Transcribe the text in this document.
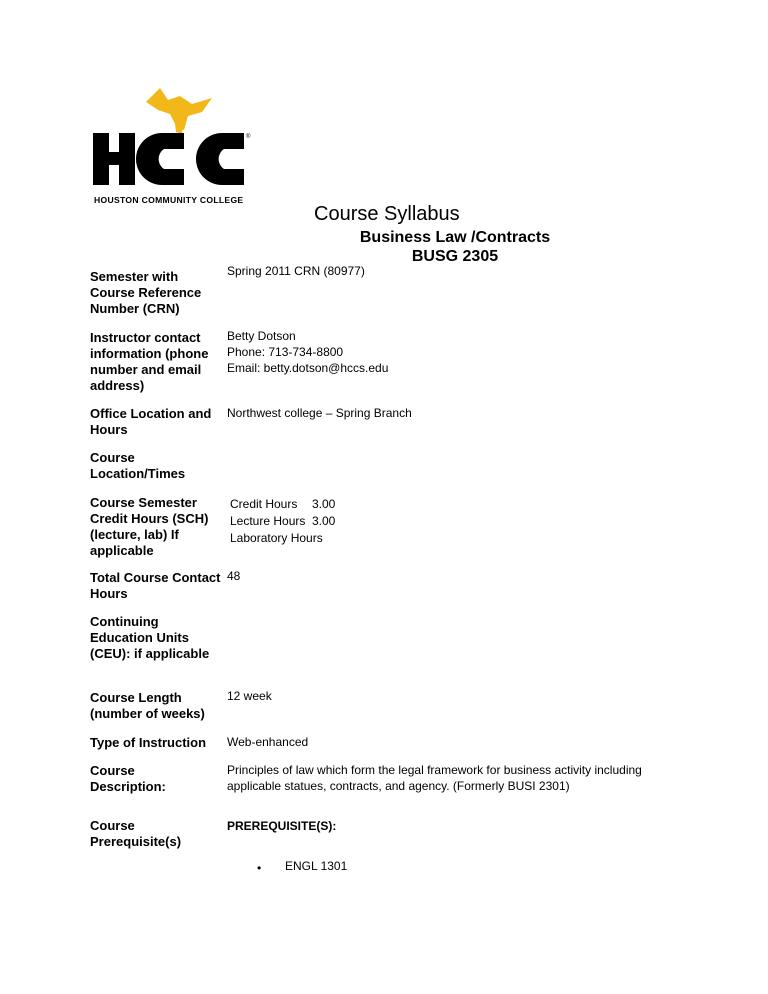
®
HOUSTON COMMUNITY COLLEGE
Course Syllabus
Business Law /Contracts
BUSG 2305
Semester with Course Reference Number (CRN)
Spring 2011 CRN (80977)
Instructor contact information (phone number and email address)
Betty Dotson
Phone: 713-734-8800
Email: betty.dotson@hccs.edu
Office Location and Hours
Northwest college – Spring Branch
Course Location/Times
Course Semester Credit Hours (SCH) (lecture, lab) If applicable
Credit Hours	3.00
Lecture Hours 3.00
Laboratory Hours
Total Course Contact Hours
48
Continuing Education Units (CEU): if applicable
Course Length (number of weeks)
12 week
Type of Instruction	Web-enhanced
Course Description:
Principles of law which form the legal framework for business activity including
applicable statues, contracts, and agency. (Formerly BUSI 2301)
Course Prerequisite(s)
PREREQUISITE(S):
• ENGL 1301
